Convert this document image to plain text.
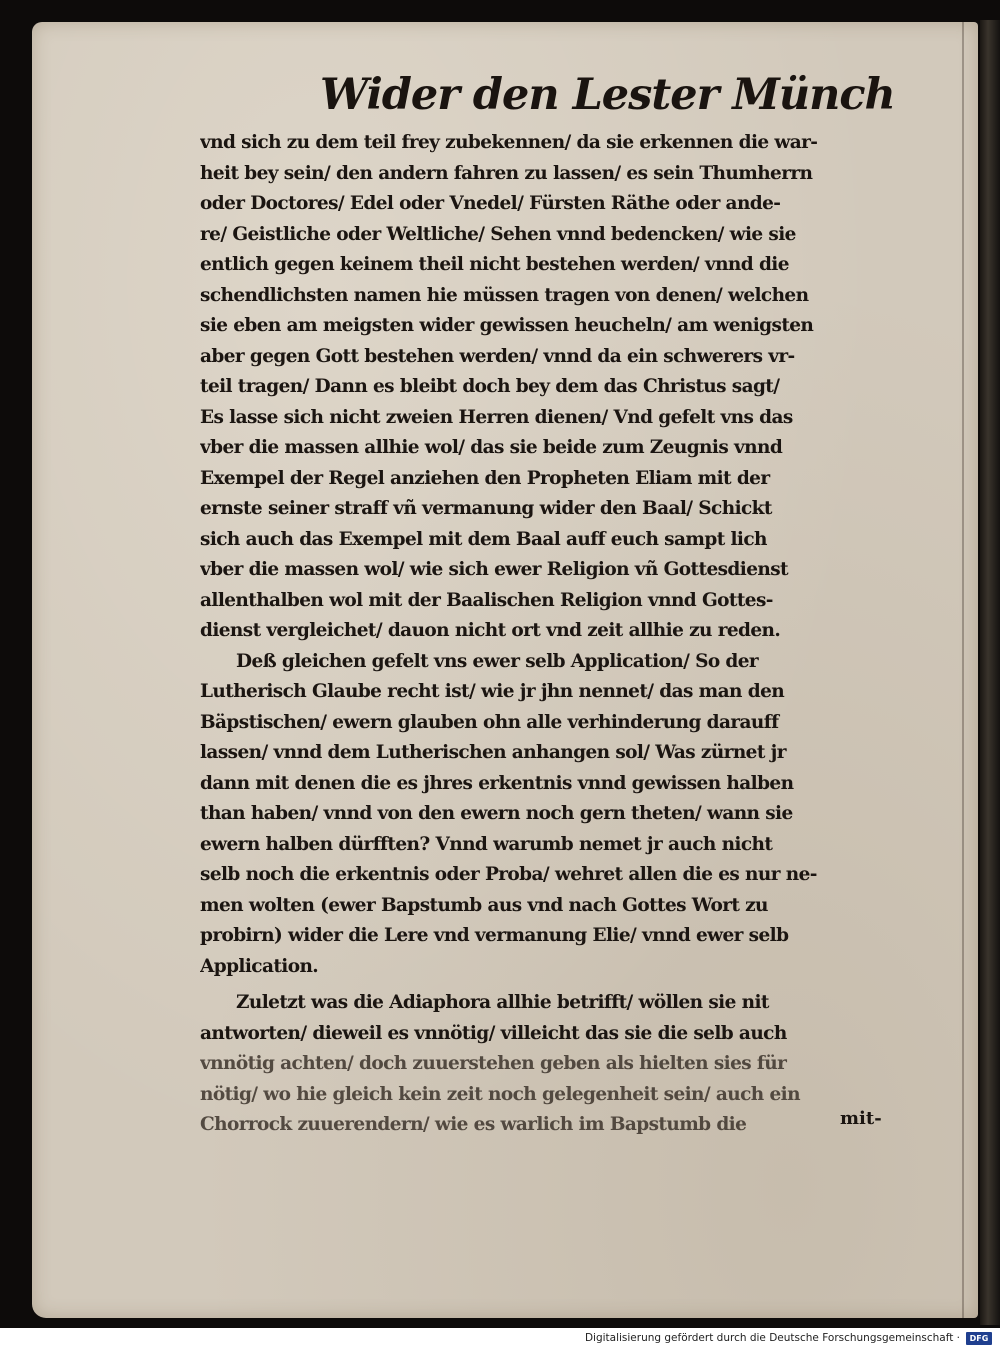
Wider den Lester Münch
vnd sich zu dem teil frey zubekennen/ da sie erkennen die war-
heit bey sein/ den andern fahren zu lassen/ es sein Thumherrn
oder Doctores/ Edel oder Vnedel/ Fürsten Räthe oder ande-
re/ Geistliche oder Weltliche/ Sehen vnnd bedencken/ wie sie
entlich gegen keinem theil nicht bestehen werden/ vnnd die
schendlichsten namen hie müssen tragen von denen/ welchen
sie eben am meigsten wider gewissen heucheln/ am wenigsten
aber gegen Gott bestehen werden/ vnnd da ein schwerers vr-
teil tragen/ Dann es bleibt doch bey dem das Christus sagt/
Es lasse sich nicht zweien Herren dienen/ Vnd gefelt vns das
vber die massen allhie wol/ das sie beide zum Zeugnis vnnd
Exempel der Regel anziehen den Propheten Eliam mit der
ernste seiner straff vñ vermanung wider den Baal/ Schickt
sich auch das Exempel mit dem Baal auff euch sampt lich
vber die massen wol/ wie sich ewer Religion vñ Gottesdienst
allenthalben wol mit der Baalischen Religion vnnd Gottes-
dienst vergleichet/ dauon nicht ort vnd zeit allhie zu reden.
Deß gleichen gefelt vns ewer selb Application/ So der
Lutherisch Glaube recht ist/ wie jr jhn nennet/ das man den
Bäpstischen/ ewern glauben ohn alle verhinderung darauff
lassen/ vnnd dem Lutherischen anhangen sol/ Was zürnet jr
dann mit denen die es jhres erkentnis vnnd gewissen halben
than haben/ vnnd von den ewern noch gern theten/ wann sie
ewern halben dürfften? Vnnd warumb nemet jr auch nicht
selb noch die erkentnis oder Proba/ wehret allen die es nur ne-
men wolten (ewer Bapstumb aus vnd nach Gottes Wort zu
probirn) wider die Lere vnd vermanung Elie/ vnnd ewer selb
Application.
Zuletzt was die Adiaphora allhie betrifft/ wöllen sie nit
antworten/ dieweil es vnnötig/ villeicht das sie die selb auch
vnnötig achten/ doch zuuerstehen geben als hielten sies für
nötig/ wo hie gleich kein zeit noch gelegenheit sein/ auch ein
Chorrock zuuerendern/ wie es warlich im Bapstumb die	mit-
Digitalisierung gefördert durch die Deutsche Forschungsgemeinschaft ·	DFG
